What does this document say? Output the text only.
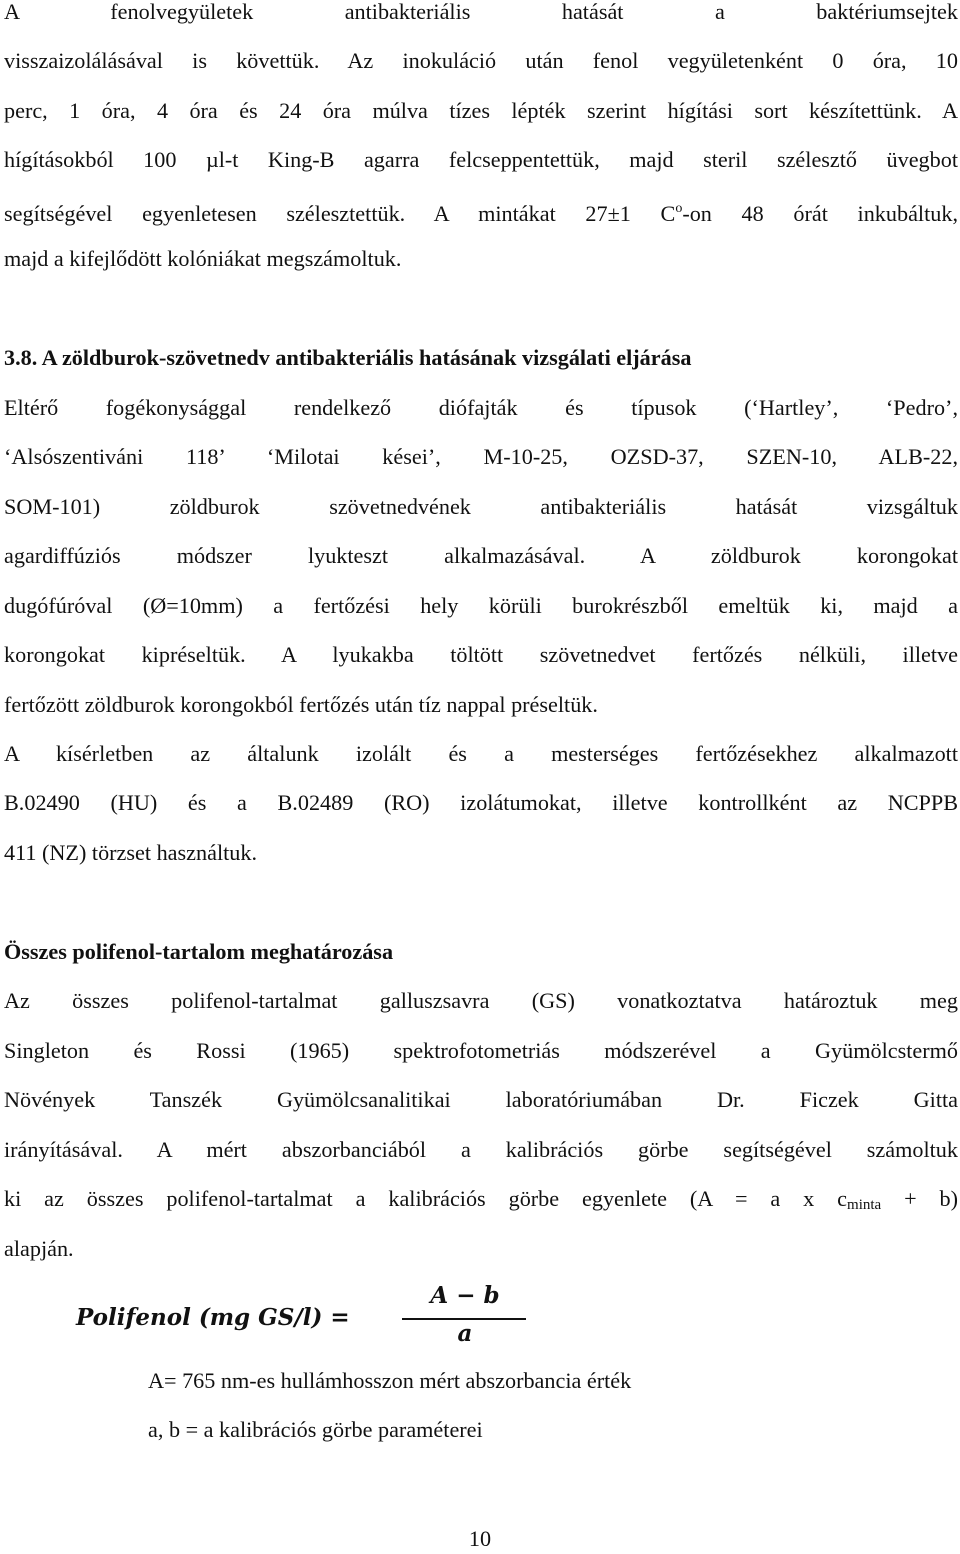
A fenolvegyületek antibakteriális hatását a baktériumsejtek
visszaizolálásával is követtük. Az inokuláció után fenol vegyületenként 0 óra, 10
perc, 1 óra, 4 óra és 24 óra múlva tízes lépték szerint hígítási sort készítettünk. A
hígításokból 100 µl-t King-B agarra felcseppentettük, majd steril szélesztő üvegbot
segítségével egyenletesen szélesztettük. A mintákat 27±1 $C^o-on$ 48 órát inkubáltuk,
majd a kifejlődött kolóniákat megszámoltuk.
3.8. A zöldburok-szövetnedv antibakteriális hatásának vizsgálati eljárása
Eltérő fogékonysággal rendelkező diófajták és típusok (‘Hartley’, ‘Pedro’,
‘Alsószentiváni 118’ ‘Milotai kései’, M-10-25, OZSD-37, SZEN-10, ALB-22,
SOM-101) zöldburok szövetnedvének antibakteriális hatását vizsgáltuk
agardiffúziós módszer lyukteszt alkalmazásával. A zöldburok korongokat
dugófúróval (Ø=10mm) a fertőzési hely körüli burokrészből emeltük ki, majd a
korongokat kipréseltük. A lyukakba töltött szövetnedvet fertőzés nélküli, illetve
fertőzött zöldburok korongokból fertőzés után tíz nappal préseltük.
A kísérletben az általunk izolált és a mesterséges fertőzésekhez alkalmazott
B.02490 (HU) és a B.02489 (RO) izolátumokat, illetve kontrollként az NCPPB
411 (NZ) törzset használtuk.
Összes polifenol-tartalom meghatározása
Az összes polifenol-tartalmat galluszsavra (GS) vonatkoztatva határoztuk meg
Singleton és Rossi (1965) spektrofotometriás módszerével a Gyümölcstermő
Növények Tanszék Gyümölcsanalitikai laboratóriumában Dr. Ficzek Gitta
irányításával. A mért abszorbanciából a kalibrációs görbe segítségével számoltuk
ki az összes polifenol-tartalmat a kalibrációs görbe egyenlete (A = a x $c_{minta} + b$)
alapján.
Polifenol (mg GS/l) =
A − b
a
A= 765 nm-es hullámhosszon mért abszorbancia érték
a, b = a kalibrációs görbe paraméterei
10
